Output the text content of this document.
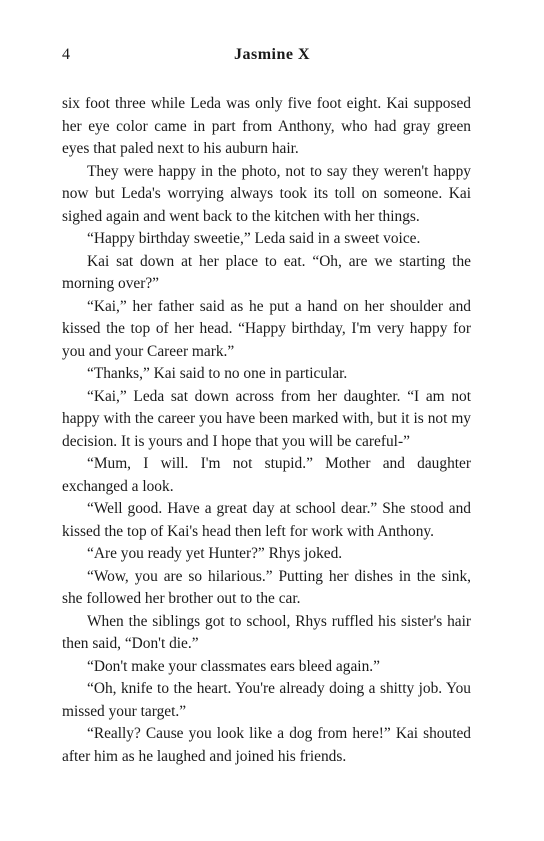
4	Jasmine X

six foot three while Leda was only five foot eight. Kai supposed her eye color came in part from Anthony, who had gray green eyes that paled next to his auburn hair.

They were happy in the photo, not to say they weren't happy now but Leda's worrying always took its toll on someone. Kai sighed again and went back to the kitchen with her things.

“Happy birthday sweetie,” Leda said in a sweet voice.

Kai sat down at her place to eat. “Oh, are we starting the morning over?”

“Kai,” her father said as he put a hand on her shoulder and kissed the top of her head. “Happy birthday, I'm very happy for you and your Career mark.”

“Thanks,” Kai said to no one in particular.

“Kai,” Leda sat down across from her daughter. “I am not happy with the career you have been marked with, but it is not my decision. It is yours and I hope that you will be careful-”

“Mum, I will. I'm not stupid.” Mother and daughter exchanged a look.

“Well good. Have a great day at school dear.” She stood and kissed the top of Kai's head then left for work with Anthony.

“Are you ready yet Hunter?” Rhys joked.

“Wow, you are so hilarious.” Putting her dishes in the sink, she followed her brother out to the car.

When the siblings got to school, Rhys ruffled his sister's hair then said, “Don't die.”

“Don't make your classmates ears bleed again.”

“Oh, knife to the heart. You're already doing a shitty job. You missed your target.”

“Really? Cause you look like a dog from here!” Kai shouted after him as he laughed and joined his friends.
